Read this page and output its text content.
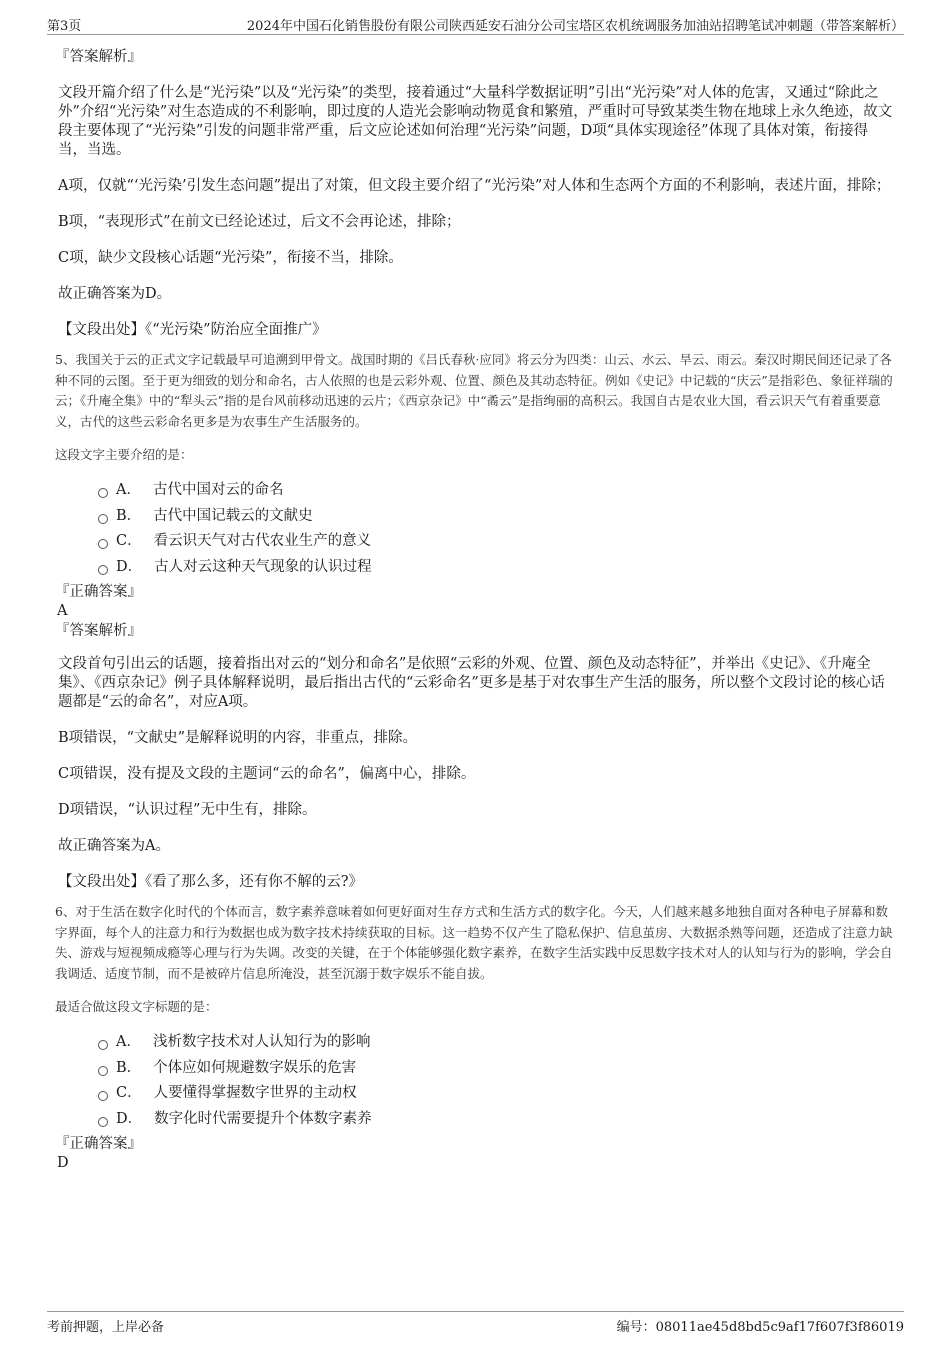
第3页	2024年中国石化销售股份有限公司陕西延安石油分公司宝塔区农机统调服务加油站招聘笔试冲刺题（带答案解析）

『答案解析』

文段开篇介绍了什么是“光污染”以及“光污染”的类型，接着通过“大量科学数据证明”引出“光污染”对人体的危害，又通过“除此之外”介绍“光污染”对生态造成的不利影响，即过度的人造光会影响动物觅食和繁殖，严重时可导致某类生物在地球上永久绝迹，故文段主要体现了“光污染”引发的问题非常严重，后文应论述如何治理“光污染”问题，D项“具体实现途径”体现了具体对策，衔接得当，当选。

A项，仅就“‘光污染’引发生态问题”提出了对策，但文段主要介绍了“光污染”对人体和生态两个方面的不利影响，表述片面，排除；

B项，“表现形式”在前文已经论述过，后文不会再论述，排除；

C项，缺少文段核心话题“光污染”，衔接不当，排除。

故正确答案为D。

【文段出处】《“光污染”防治应全面推广》

5、我国关于云的正式文字记载最早可追溯到甲骨文。战国时期的《吕氏春秋·应同》将云分为四类：山云、水云、旱云、雨云。秦汉时期民间还记录了各种不同的云图。至于更为细致的划分和命名，古人依照的也是云彩外观、位置、颜色及其动态特征。例如《史记》中记载的“庆云”是指彩色、象征祥瑞的云；《升庵全集》中的“犁头云”指的是台风前移动迅速的云片；《西京杂记》中“矞云”是指绚丽的高积云。我国自古是农业大国，看云识天气有着重要意义，古代的这些云彩命名更多是为农事生产生活服务的。

这段文字主要介绍的是：

A． 古代中国对云的命名
B． 古代中国记载云的文献史
C． 看云识天气对古代农业生产的意义
D． 古人对云这种天气现象的认识过程

『正确答案』

A

『答案解析』

文段首句引出云的话题，接着指出对云的“划分和命名”是依照“云彩的外观、位置、颜色及动态特征”，并举出《史记》、《升庵全集》、《西京杂记》例子具体解释说明，最后指出古代的“云彩命名”更多是基于对农事生产生活的服务，所以整个文段讨论的核心话题都是“云的命名”，对应A项。

B项错误，“文献史”是解释说明的内容，非重点，排除。

C项错误，没有提及文段的主题词“云的命名”，偏离中心，排除。

D项错误，“认识过程”无中生有，排除。

故正确答案为A。

【文段出处】《看了那么多，还有你不解的云?》

6、对于生活在数字化时代的个体而言，数字素养意味着如何更好面对生存方式和生活方式的数字化。今天，人们越来越多地独自面对各种电子屏幕和数字界面，每个人的注意力和行为数据也成为数字技术持续获取的目标。这一趋势不仅产生了隐私保护、信息茧房、大数据杀熟等问题，还造成了注意力缺失、游戏与短视频成瘾等心理与行为失调。改变的关键，在于个体能够强化数字素养，在数字生活实践中反思数字技术对人的认知与行为的影响，学会自我调适、适度节制，而不是被碎片信息所淹没，甚至沉溺于数字娱乐不能自拔。

最适合做这段文字标题的是：

A． 浅析数字技术对人认知行为的影响
B． 个体应如何规避数字娱乐的危害
C． 人要懂得掌握数字世界的主动权
D． 数字化时代需要提升个体数字素养

『正确答案』

D

考前押题，上岸必备	编号：08011ae45d8bd5c9af17f607f3f86019
